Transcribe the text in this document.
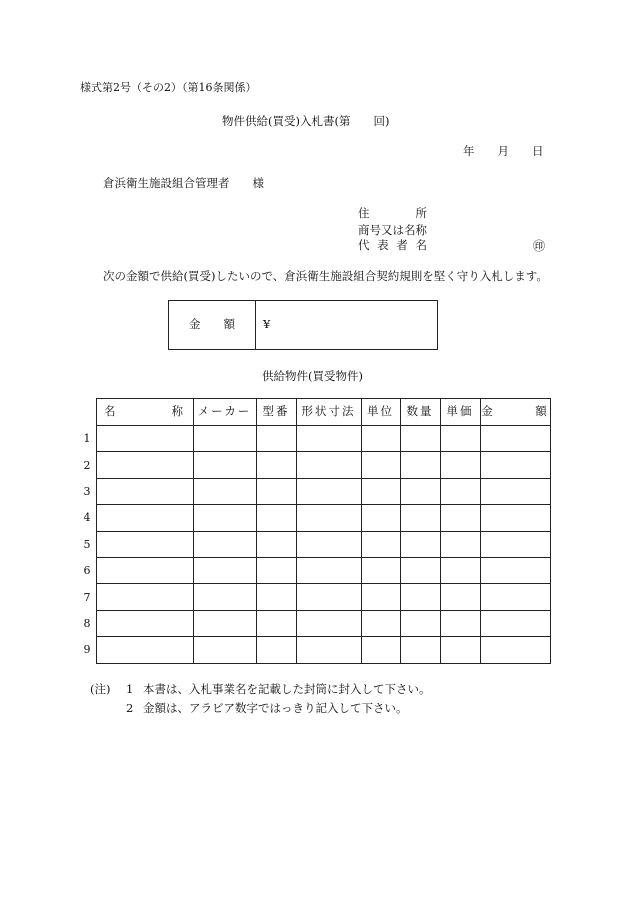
様式第2号（その2）（第16条関係）
物件供給(買受)入札書(第　　回)
年　　月　　日
倉浜衛生施設組合管理者　　様
住　　　　所
商号又は名称
代 表 者 名	㊞
次の金額で供給(買受)したいので、倉浜衛生施設組合契約規則を堅く守り入札します。
金　　額	¥
供給物件(買受物件)
	名　　　　称	メーカー	型番	形状寸法	単位	数量	単価	金　　　額
1								
2								
3								
4								
5								
6								
7								
8								
9								
(注) 1 本書は、入札事業名を記載した封筒に封入して下さい。
2 金額は、アラビア数字ではっきり記入して下さい。
